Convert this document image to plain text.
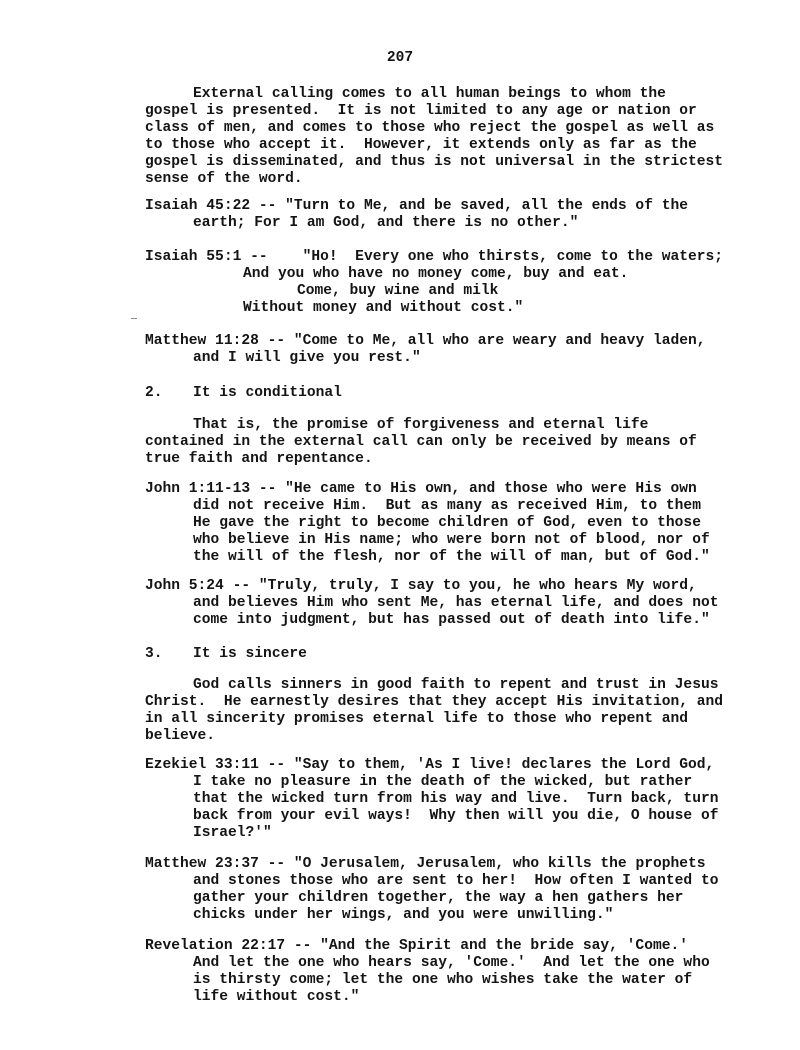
207
External calling comes to all human beings to whom the
gospel is presented.  It is not limited to any age or nation or
class of men, and comes to those who reject the gospel as well as
to those who accept it.  However, it extends only as far as the
gospel is disseminated, and thus is not universal in the strictest
sense of the word.
Isaiah 45:22 -- "Turn to Me, and be saved, all the ends of the
earth; For I am God, and there is no other."
Isaiah 55:1 --    "Ho!  Every one who thirsts, come to the waters;
And you who have no money come, buy and eat.
Come, buy wine and milk
Without money and without cost."
Matthew 11:28 -- "Come to Me, all who are weary and heavy laden,
and I will give you rest."
2. It is conditional
That is, the promise of forgiveness and eternal life
contained in the external call can only be received by means of
true faith and repentance.
John 1:11-13 -- "He came to His own, and those who were His own
did not receive Him.  But as many as received Him, to them
He gave the right to become children of God, even to those
who believe in His name; who were born not of blood, nor of
the will of the flesh, nor of the will of man, but of God."
John 5:24 -- "Truly, truly, I say to you, he who hears My word,
and believes Him who sent Me, has eternal life, and does not
come into judgment, but has passed out of death into life."
3. It is sincere
God calls sinners in good faith to repent and trust in Jesus
Christ.  He earnestly desires that they accept His invitation, and
in all sincerity promises eternal life to those who repent and
believe.
Ezekiel 33:11 -- "Say to them, 'As I live! declares the Lord God,
I take no pleasure in the death of the wicked, but rather
that the wicked turn from his way and live.  Turn back, turn
back from your evil ways!  Why then will you die, O house of
Israel?'"
Matthew 23:37 -- "O Jerusalem, Jerusalem, who kills the prophets
and stones those who are sent to her!  How often I wanted to
gather your children together, the way a hen gathers her
chicks under her wings, and you were unwilling."
Revelation 22:17 -- "And the Spirit and the bride say, 'Come.'
And let the one who hears say, 'Come.'  And let the one who
is thirsty come; let the one who wishes take the water of
life without cost."
